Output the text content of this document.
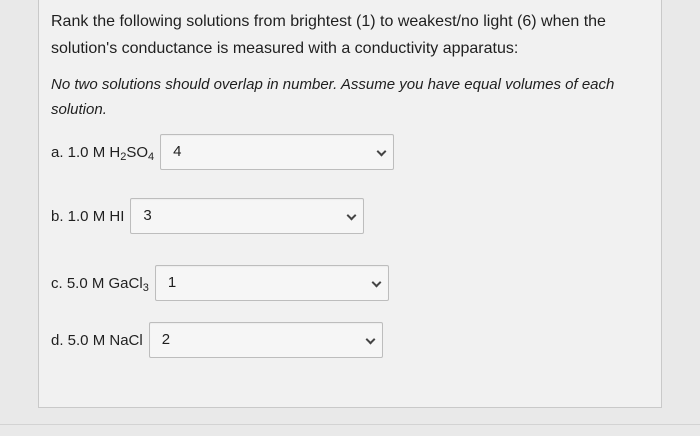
Rank the following solutions from brightest (1) to weakest/no light (6) when the
solution's conductance is measured with a conductivity apparatus:

No two solutions should overlap in number. Assume you have equal volumes of each
solution.

a. 1.0 M $H_2SO_4$ 4
b. 1.0 M HI 3
c. 5.0 M GaCl$_3$ 1
d. 5.0 M NaCl 2
